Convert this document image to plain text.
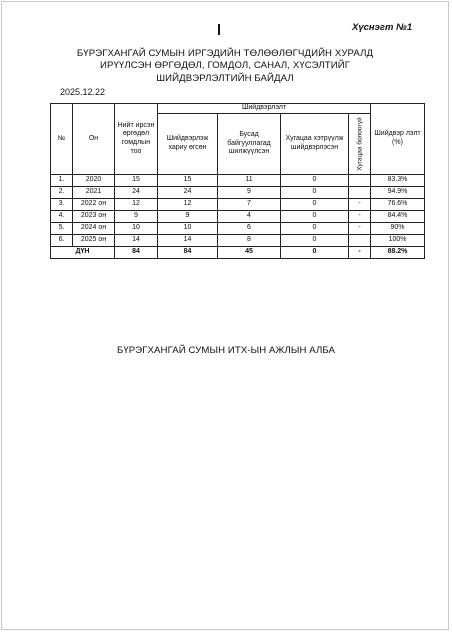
Хүснэгт №1
БҮРЭГХАНГАЙ СУМЫН ИРГЭДИЙН ТӨЛӨӨЛӨГЧДИЙН ХУРАЛД
ИРҮҮЛСЭН ӨРГӨДӨЛ, ГОМДОЛ, САНАЛ, ХҮСЭЛТИЙГ
ШИЙДВЭРЛЭЛТИЙН БАЙДАЛ
2025.12.22
№	Он	Нийт ирсэн өргөдөл гомдлын тоо	Шийдвэрлэлт				Шийдвэр лэлт (%)
			Шийдвэрлэж хариу өгсөн	Бусад байгууллагад шилжүүлсэн	Хугацаа хэтрүүлж шийдвэрлэсэн	Хугацаа болоогүй	

1.	2020	15	15	11	0		83.3%
2.	2021	24	24	9	0		94.9%
3.	2022 он	12	12	7	0	-	76.6%
4.	2023 он	9	9	4	0	-	84.4%
5.	2024 он	10	10	6	0	-	90%
6.	2025 он	14	14	8	0		100%
ДҮН		84	84	45	0	-	88.2%
БҮРЭГХАНГАЙ СУМЫН ИТХ-ЫН АЖЛЫН АЛБА
